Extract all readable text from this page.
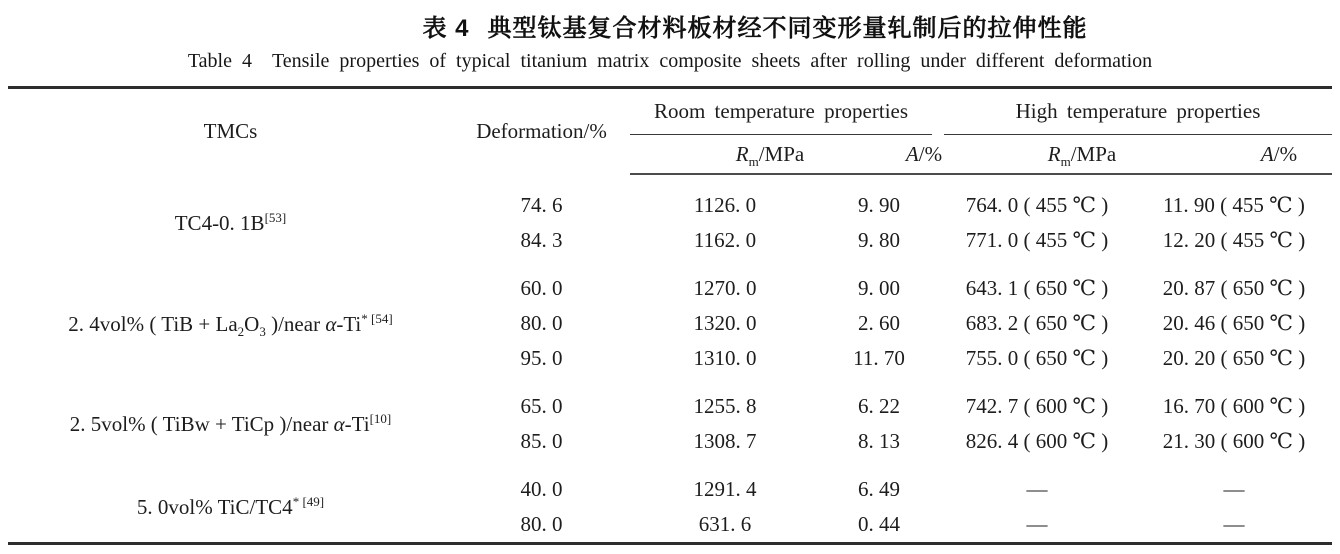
表 4 典型钛基复合材料板材经不同变形量轧制后的拉伸性能
Table 4 Tensile properties of typical titanium matrix composite sheets after rolling under different deformation
TMCs	Deformation/%	Room temperature properties		High temperature properties	

		$R_m$/MPa	A/%	$R_m$/MPa	A/%
TC4-0. 1B[53]	74. 6	1126. 0	9. 90	764. 0 ( 455 ℃ )	11. 90 ( 455 ℃ )
	84. 3	1162. 0	9. 80	771. 0 ( 455 ℃ )	12. 20 ( 455 ℃ )
2. 4vol% ( TiB + $La_2O_3$ )/near $\alpha-Ti^{* [54]}$	60. 0	1270. 0	9. 00	643. 1 ( 650 ℃ )	20. 87 ( 650 ℃ )
	80. 0	1320. 0	2. 60	683. 2 ( 650 ℃ )	20. 46 ( 650 ℃ )
	95. 0	1310. 0	11. 70	755. 0 ( 650 ℃ )	20. 20 ( 650 ℃ )
2. 5vol% ( TiBw + TiCp )/near α-Ti[10]	65. 0	1255. 8	6. 22	742. 7 ( 600 ℃ )	16. 70 ( 600 ℃ )
	85. 0	1308. 7	8. 13	826. 4 ( 600 ℃ )	21. 30 ( 600 ℃ )
5. 0vol% TiC/$TC4^{* [49]}$	40. 0	1291. 4	6. 49	—	—
	80. 0	631. 6	0. 44	—	—
